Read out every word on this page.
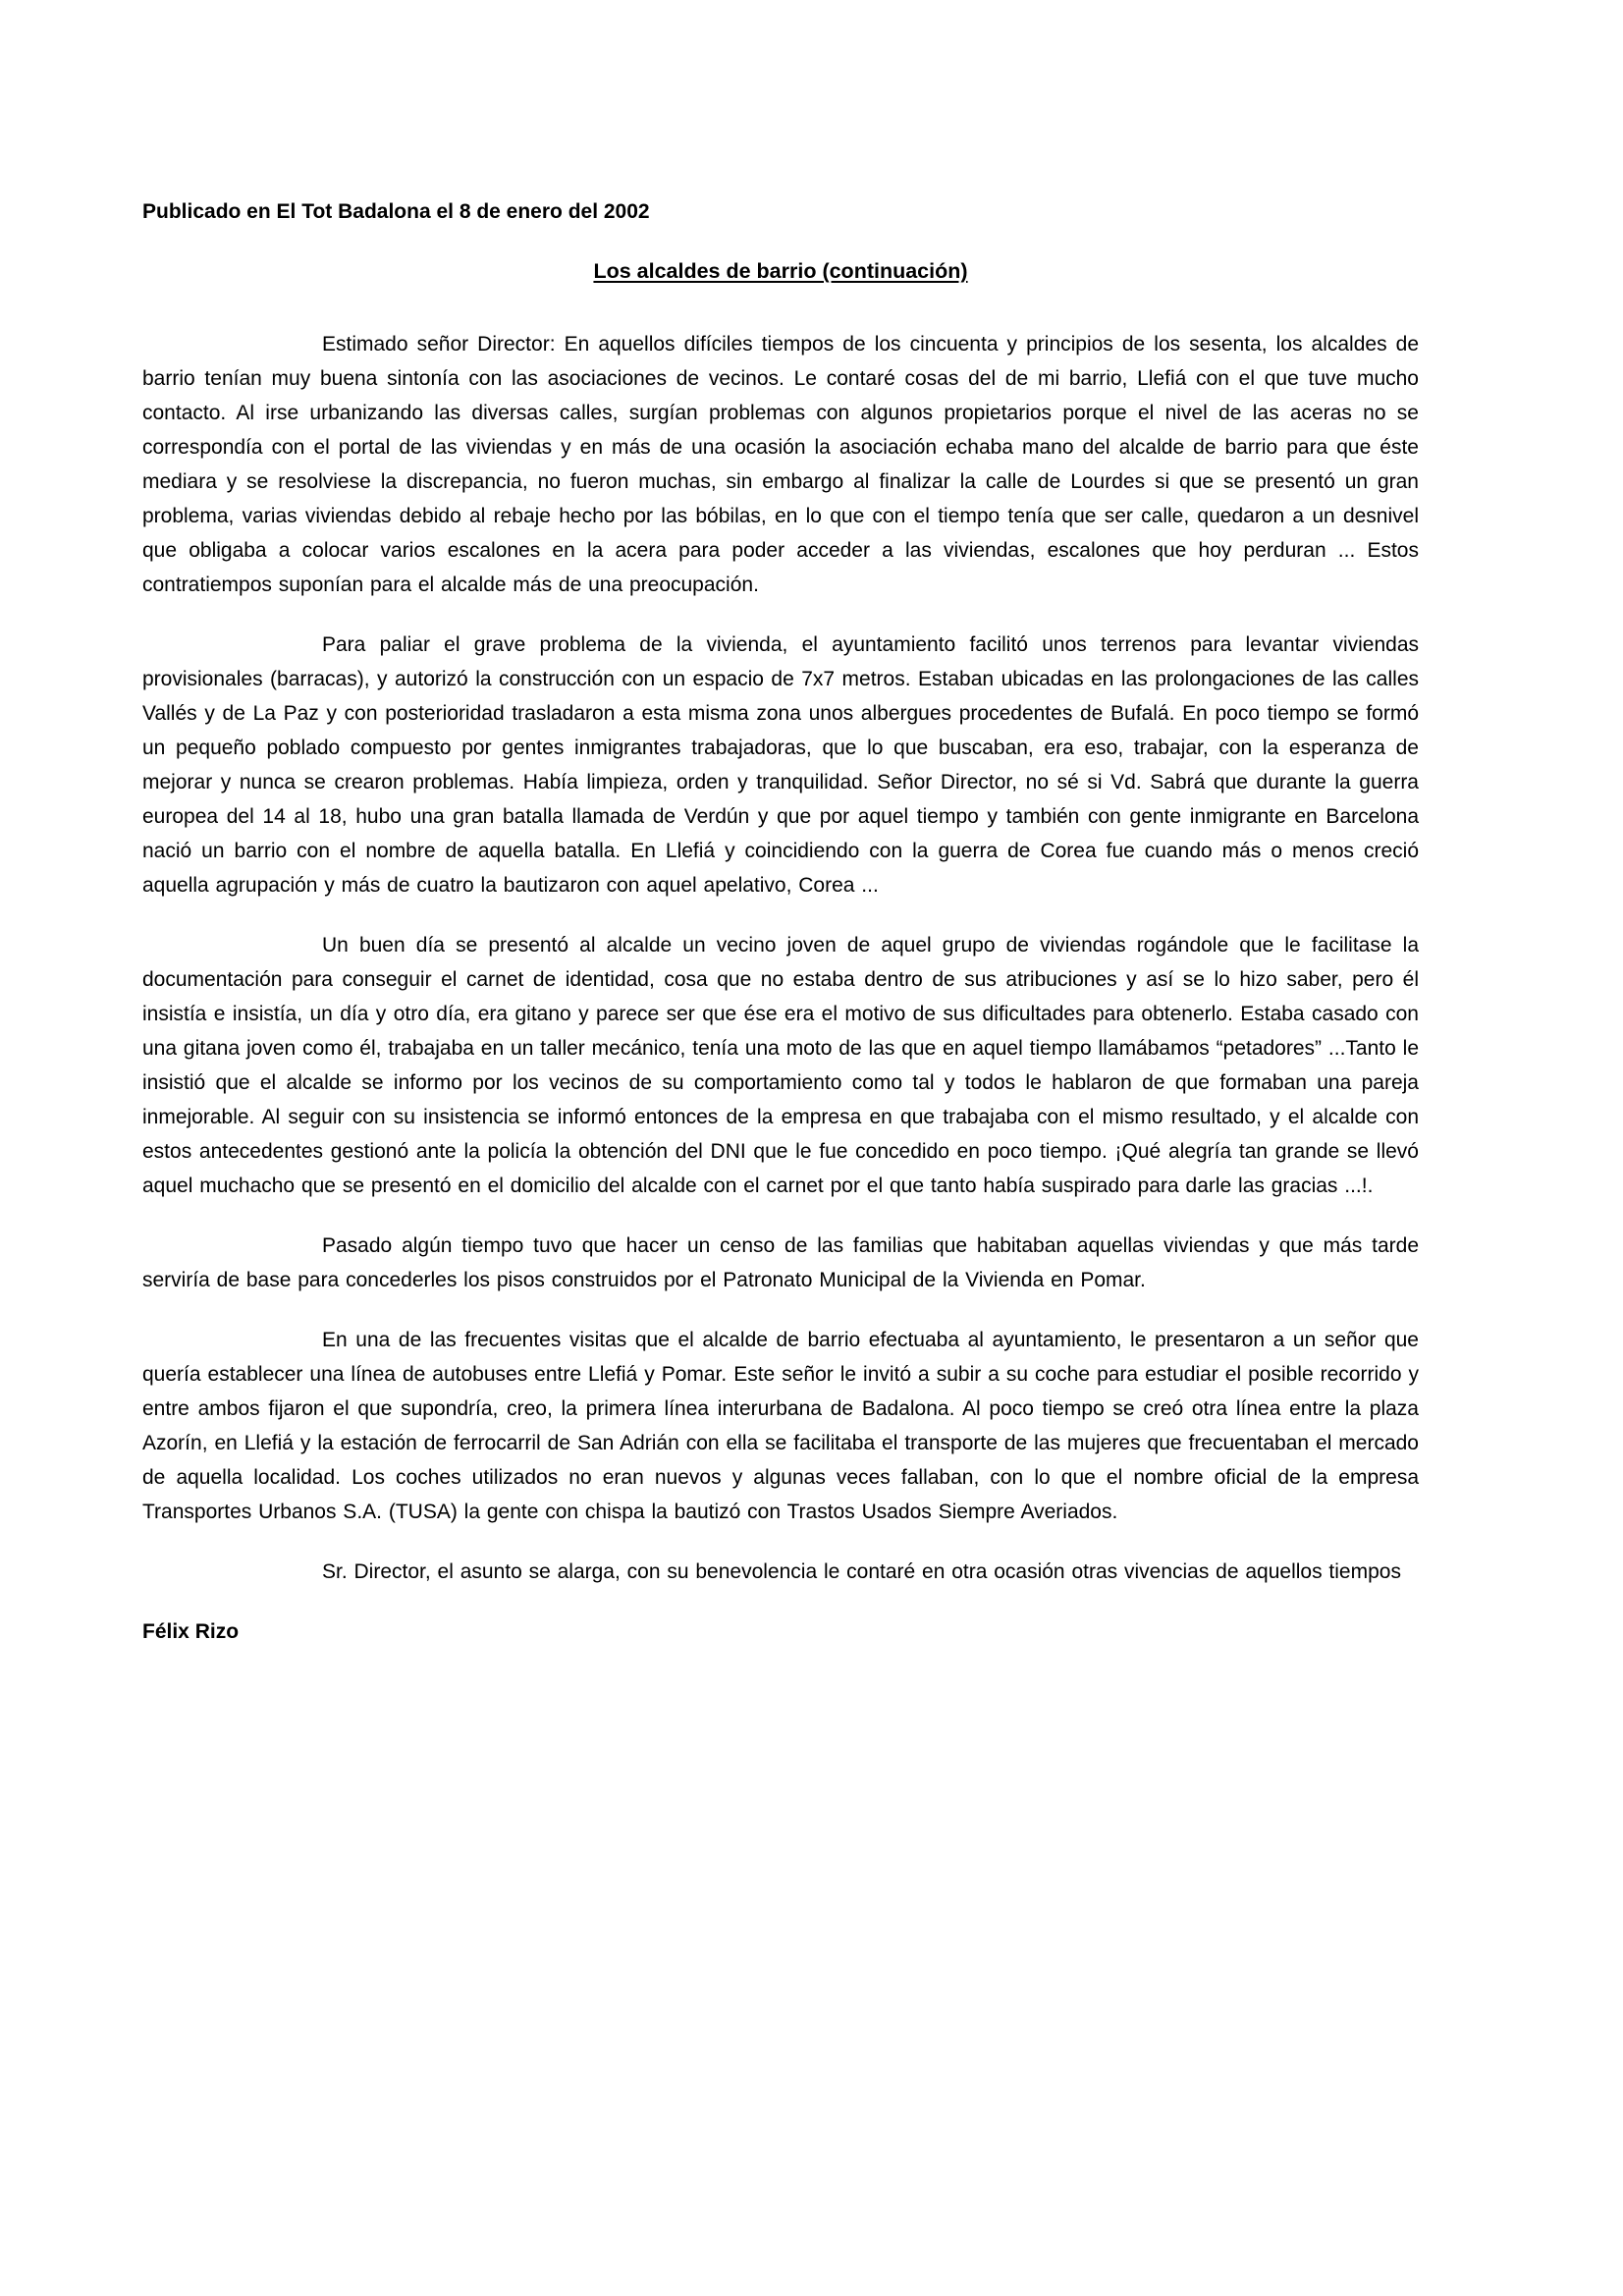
Publicado en El Tot Badalona el 8 de enero del 2002
Los alcaldes de barrio (continuación)

Estimado señor Director: En aquellos difíciles tiempos de los cincuenta y principios de los sesenta, los alcaldes de barrio tenían muy buena sintonía con las asociaciones de vecinos. Le contaré cosas del de mi barrio, Llefiá con el que tuve mucho contacto. Al irse urbanizando las diversas calles, surgían problemas con algunos propietarios porque el nivel de las aceras no se correspondía con el portal de las viviendas y en más de una ocasión la asociación echaba mano del alcalde de barrio para que éste mediara y se resolviese la discrepancia, no fueron muchas, sin embargo al finalizar la calle de Lourdes si que se presentó un gran problema, varias viviendas debido al rebaje hecho por las bóbilas, en lo que con el tiempo tenía que ser calle, quedaron a un desnivel que obligaba a colocar varios escalones en la acera para poder acceder a las viviendas, escalones que hoy perduran ... Estos contratiempos suponían para el alcalde más de una preocupación.

Para paliar el grave problema de la vivienda, el ayuntamiento facilitó unos terrenos para levantar viviendas provisionales (barracas), y autorizó la construcción con un espacio de 7x7 metros. Estaban ubicadas en las prolongaciones de las calles Vallés y de La Paz y con posterioridad trasladaron a esta misma zona unos albergues procedentes de Bufalá. En poco tiempo se formó un pequeño poblado compuesto por gentes inmigrantes trabajadoras, que lo que buscaban, era eso, trabajar, con la esperanza de mejorar y nunca se crearon problemas. Había limpieza, orden y tranquilidad. Señor Director, no sé si Vd. Sabrá que durante la guerra europea del 14 al 18, hubo una gran batalla llamada de Verdún y que por aquel tiempo y también con gente inmigrante en Barcelona nació un barrio con el nombre de aquella batalla. En Llefiá y coincidiendo con la guerra de Corea fue cuando más o menos creció aquella agrupación y más de cuatro la bautizaron con aquel apelativo, Corea ...

Un buen día se presentó al alcalde un vecino joven de aquel grupo de viviendas rogándole que le facilitase la documentación para conseguir el carnet de identidad, cosa que no estaba dentro de sus atribuciones y así se lo hizo saber, pero él insistía e insistía, un día y otro día, era gitano y parece ser que ése era el motivo de sus dificultades para obtenerlo. Estaba casado con una gitana joven como él, trabajaba en un taller mecánico, tenía una moto de las que en aquel tiempo llamábamos “petadores” ...Tanto le insistió que el alcalde se informo por los vecinos de su comportamiento como tal y todos le hablaron de que formaban una pareja inmejorable. Al seguir con su insistencia se informó entonces de la empresa en que trabajaba con el mismo resultado, y el alcalde con estos antecedentes gestionó ante la policía la obtención del DNI que le fue concedido en poco tiempo. ¡Qué alegría tan grande se llevó aquel muchacho que se presentó en el domicilio del alcalde con el carnet por el que tanto había suspirado para darle las gracias ...!.

Pasado algún tiempo tuvo que hacer un censo de las familias que habitaban aquellas viviendas y que más tarde serviría de base para concederles los pisos construidos por el Patronato Municipal de la Vivienda en Pomar.

En una de las frecuentes visitas que el alcalde de barrio efectuaba al ayuntamiento, le presentaron a un señor que quería establecer una línea de autobuses entre Llefiá y Pomar. Este señor le invitó a subir a su coche para estudiar el posible recorrido y entre ambos fijaron el que supondría, creo, la primera línea interurbana de Badalona. Al poco tiempo se creó otra línea entre la plaza Azorín, en Llefiá y la estación de ferrocarril de San Adrián con ella se facilitaba el transporte de las mujeres que frecuentaban el mercado de aquella localidad. Los coches utilizados no eran nuevos y algunas veces fallaban, con lo que el nombre oficial de la empresa Transportes Urbanos S.A. (TUSA) la gente con chispa la bautizó con Trastos Usados Siempre Averiados.

Sr. Director, el asunto se alarga, con su benevolencia le contaré en otra ocasión otras vivencias de aquellos tiempos

Félix Rizo
